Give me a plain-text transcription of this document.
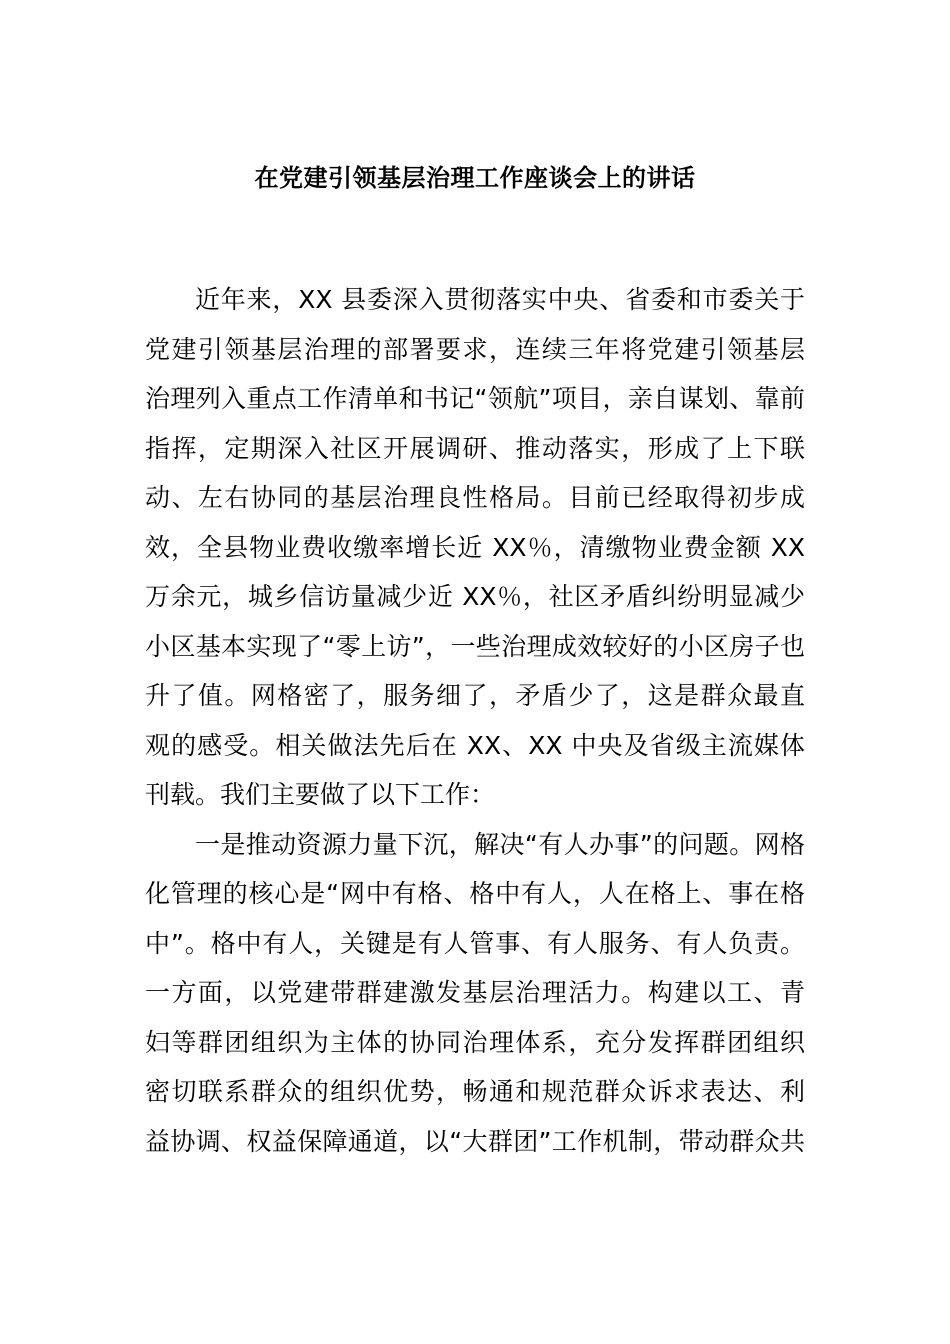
在党建引领基层治理工作座谈会上的讲话
近年来，XX 县委深入贯彻落实中央、省委和市委关于
党建引领基层治理的部署要求，连续三年将党建引领基层
治理列入重点工作清单和书记“领航”项目，亲自谋划、靠前
指挥，定期深入社区开展调研、推动落实，形成了上下联
动、左右协同的基层治理良性格局。目前已经取得初步成
效，全县物业费收缴率增长近 XX％，清缴物业费金额 XX
万余元，城乡信访量减少近 XX％，社区矛盾纠纷明显减少
小区基本实现了“零上访”，一些治理成效较好的小区房子也
升了值。网格密了，服务细了，矛盾少了，这是群众最直
观的感受。相关做法先后在 XX、XX 中央及省级主流媒体
刊载。我们主要做了以下工作：
一是推动资源力量下沉，解决“有人办事”的问题。网格
化管理的核心是“网中有格、格中有人，人在格上、事在格
中”。格中有人，关键是有人管事、有人服务、有人负责。
一方面，以党建带群建激发基层治理活力。构建以工、青
妇等群团组织为主体的协同治理体系，充分发挥群团组织
密切联系群众的组织优势，畅通和规范群众诉求表达、利
益协调、权益保障通道，以“大群团”工作机制，带动群众共
